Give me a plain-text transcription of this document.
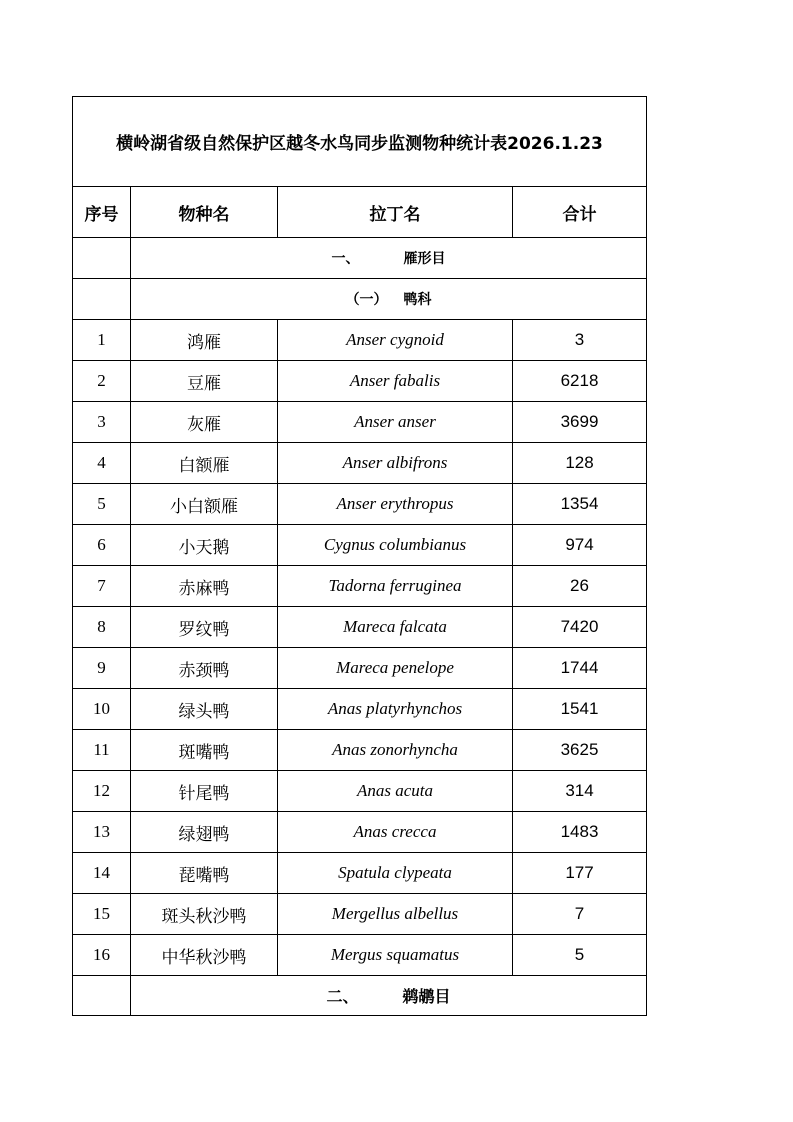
横岭湖省级自然保护区越冬水鸟同步监测物种统计表2026.1.23			
序号	物种名	拉丁名	合计
	一、 雁形目		
	（一） 鸭科		
1	鸿雁	Anser cygnoid	3
2	豆雁	Anser fabalis	6218
3	灰雁	Anser anser	3699
4	白额雁	Anser albifrons	128
5	小白额雁	Anser erythropus	1354
6	小天鹅	Cygnus columbianus	974
7	赤麻鸭	Tadorna ferruginea	26
8	罗纹鸭	Mareca falcata	7420
9	赤颈鸭	Mareca penelope	1744
10	绿头鸭	Anas platyrhynchos	1541
11	斑嘴鸭	Anas zonorhyncha	3625
12	针尾鸭	Anas acuta	314
13	绿翅鸭	Anas crecca	1483
14	琵嘴鸭	Spatula clypeata	177
15	斑头秋沙鸭	Mergellus albellus	7
16	中华秋沙鸭	Mergus squamatus	5
	二、 鹈鹕目		
